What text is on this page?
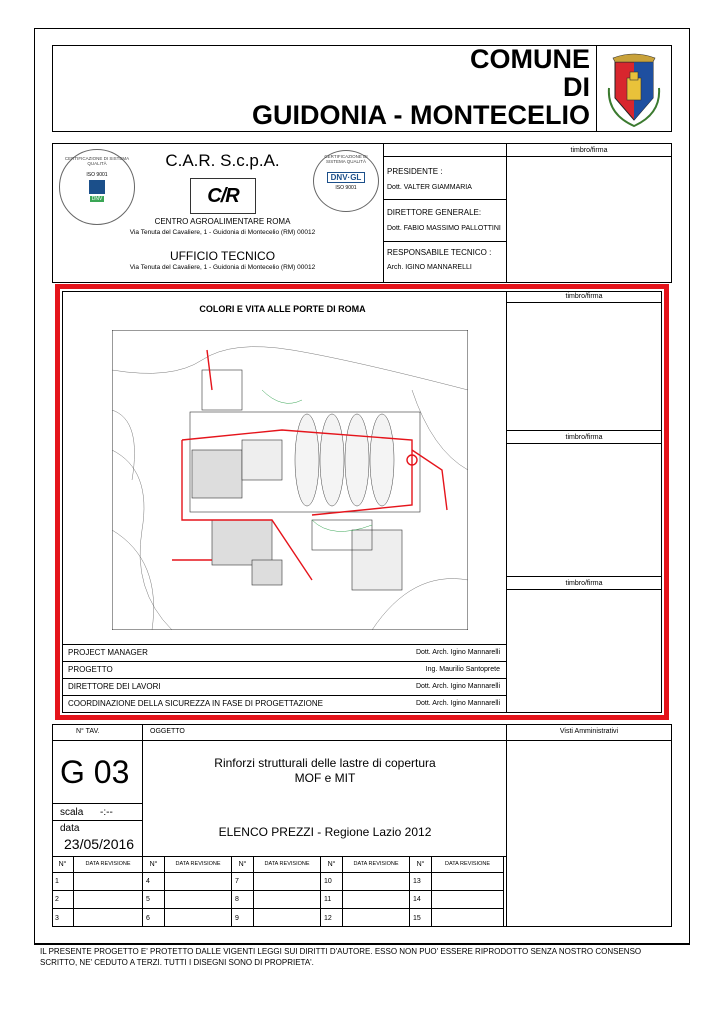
COMUNE
DI
GUIDONIA - MONTECELIO
ISO 9001
DNV
CERTIFICAZIONE DI SISTEMA QUALITÀ	C.A.R. S.c.p.A.
C/R
CENTRO AGROALIMENTARE ROMA
Via Tenuta del Cavaliere, 1 - Guidonia di Montecelio (RM) 00012
UFFICIO TECNICO
Via Tenuta del Cavaliere, 1 - Guidonia di Montecelio (RM) 00012
DNV·GL
ISO 9001
CERTIFICAZIONE DI SISTEMA QUALITÀ
PRESIDENTE :
Dott. VALTER GIAMMARIA
DIRETTORE GENERALE:
Dott. FABIO MASSIMO PALLOTTINI
RESPONSABILE TECNICO :
Arch. IGINO MANNARELLI
timbro/firma
timbro/firma
timbro/firma
timbro/firma
COLORI E VITA ALLE PORTE DI ROMA
PROJECT MANAGER	Dott. Arch. Igino Mannarelli
PROGETTO	Ing. Maurilio Santoprete
DIRETTORE DEI LAVORI	Dott. Arch. Igino Mannarelli
COORDINAZIONE DELLA SICUREZZA IN FASE DI PROGETTAZIONE	Dott. Arch. Igino Mannarelli
N° TAV.	OGGETTO	Visti Amministrativi
G 03	Rinforzi strutturali delle lastre di copertura
MOF e MIT
scala -:--
data
23/05/2016
ELENCO PREZZI - Regione Lazio 2012
N°	DATA REVISIONE	N°	DATA REVISIONE	N°	DATA REVISIONE	N°	DATA REVISIONE	N°	DATA REVISIONE
1	4	7	10	13
2	5	8	11	14
3	6	9	12	15
IL PRESENTE PROGETTO E' PROTETTO DALLE VIGENTI LEGGI SUI DIRITTI D'AUTORE. ESSO NON PUO' ESSERE RIPRODOTTO SENZA NOSTRO CONSENSO
SCRITTO, NE' CEDUTO A TERZI. TUTTI I DISEGNI SONO DI PROPRIETA'.
